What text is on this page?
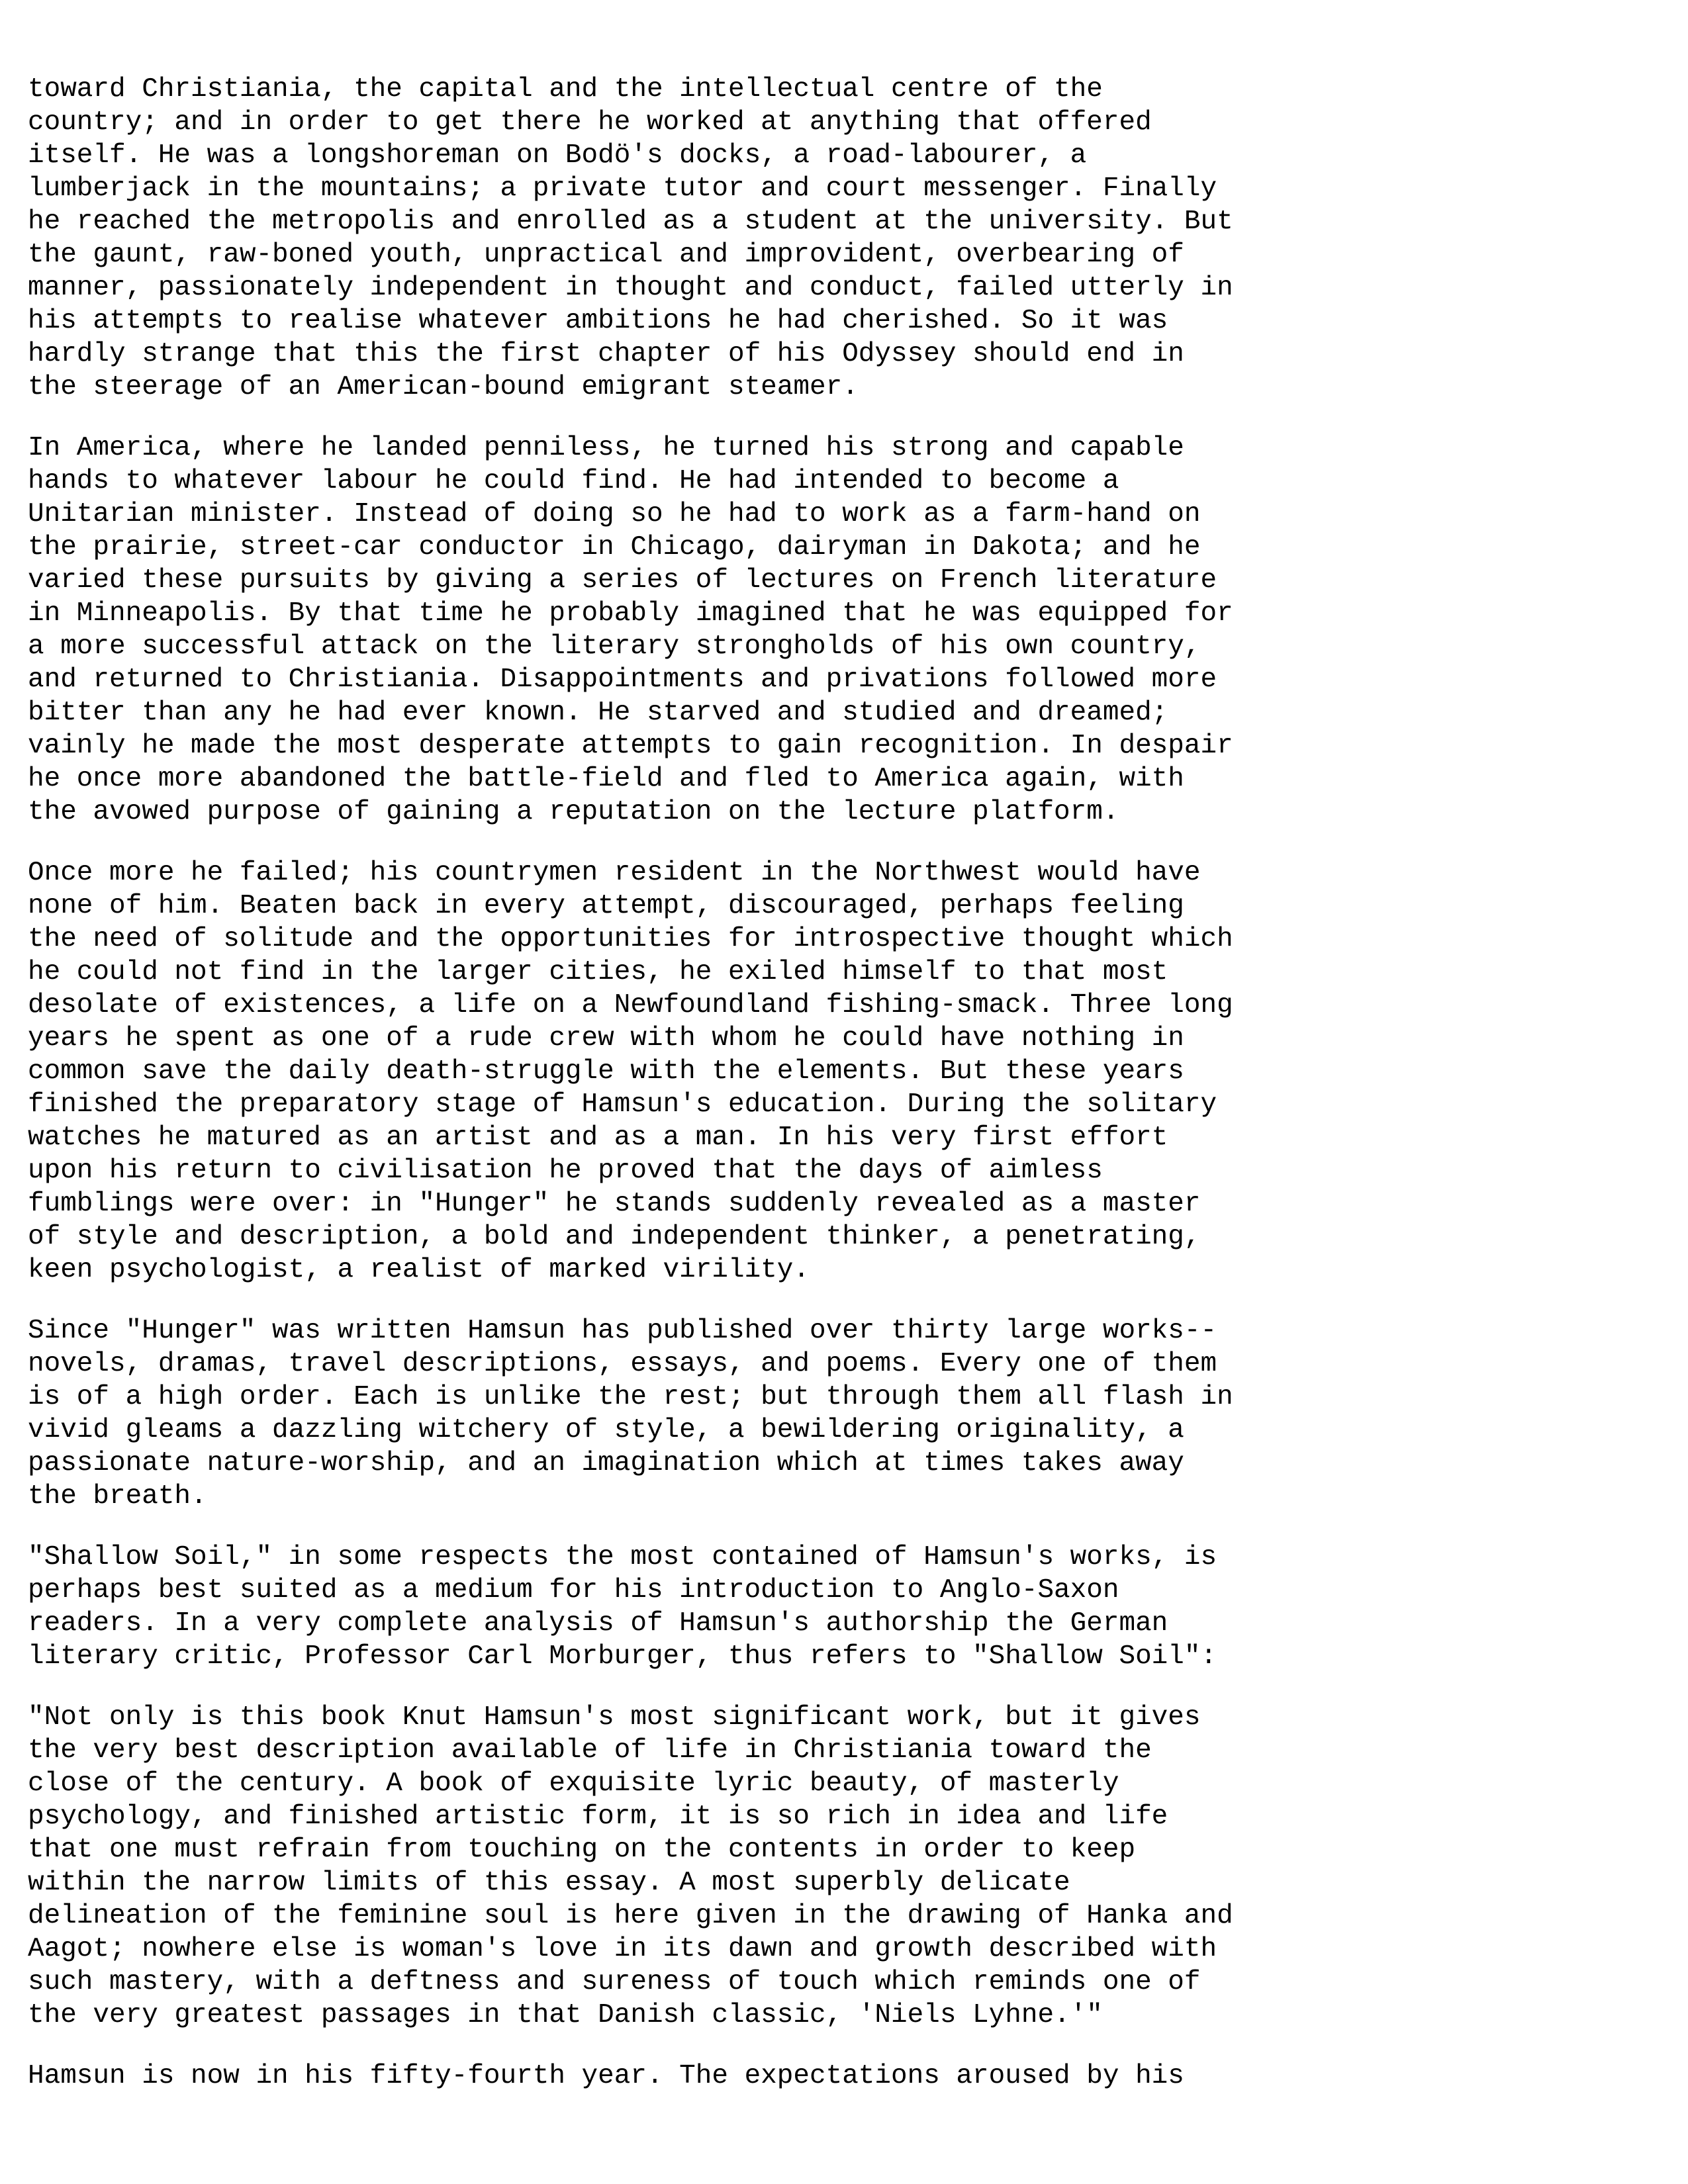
toward Christiania, the capital and the intellectual centre of the
country; and in order to get there he worked at anything that offered
itself. He was a longshoreman on Bodö's docks, a road-labourer, a
lumberjack in the mountains; a private tutor and court messenger. Finally
he reached the metropolis and enrolled as a student at the university. But
the gaunt, raw-boned youth, unpractical and improvident, overbearing of
manner, passionately independent in thought and conduct, failed utterly in
his attempts to realise whatever ambitions he had cherished. So it was
hardly strange that this the first chapter of his Odyssey should end in
the steerage of an American-bound emigrant steamer.
In America, where he landed penniless, he turned his strong and capable
hands to whatever labour he could find. He had intended to become a
Unitarian minister. Instead of doing so he had to work as a farm-hand on
the prairie, street-car conductor in Chicago, dairyman in Dakota; and he
varied these pursuits by giving a series of lectures on French literature
in Minneapolis. By that time he probably imagined that he was equipped for
a more successful attack on the literary strongholds of his own country,
and returned to Christiania. Disappointments and privations followed more
bitter than any he had ever known. He starved and studied and dreamed;
vainly he made the most desperate attempts to gain recognition. In despair
he once more abandoned the battle-field and fled to America again, with
the avowed purpose of gaining a reputation on the lecture platform.
Once more he failed; his countrymen resident in the Northwest would have
none of him. Beaten back in every attempt, discouraged, perhaps feeling
the need of solitude and the opportunities for introspective thought which
he could not find in the larger cities, he exiled himself to that most
desolate of existences, a life on a Newfoundland fishing-smack. Three long
years he spent as one of a rude crew with whom he could have nothing in
common save the daily death-struggle with the elements. But these years
finished the preparatory stage of Hamsun's education. During the solitary
watches he matured as an artist and as a man. In his very first effort
upon his return to civilisation he proved that the days of aimless
fumblings were over: in "Hunger" he stands suddenly revealed as a master
of style and description, a bold and independent thinker, a penetrating,
keen psychologist, a realist of marked virility.
Since "Hunger" was written Hamsun has published over thirty large works--
novels, dramas, travel descriptions, essays, and poems. Every one of them
is of a high order. Each is unlike the rest; but through them all flash in
vivid gleams a dazzling witchery of style, a bewildering originality, a
passionate nature-worship, and an imagination which at times takes away
the breath.
"Shallow Soil," in some respects the most contained of Hamsun's works, is
perhaps best suited as a medium for his introduction to Anglo-Saxon
readers. In a very complete analysis of Hamsun's authorship the German
literary critic, Professor Carl Morburger, thus refers to "Shallow Soil":
"Not only is this book Knut Hamsun's most significant work, but it gives
the very best description available of life in Christiania toward the
close of the century. A book of exquisite lyric beauty, of masterly
psychology, and finished artistic form, it is so rich in idea and life
that one must refrain from touching on the contents in order to keep
within the narrow limits of this essay. A most superbly delicate
delineation of the feminine soul is here given in the drawing of Hanka and
Aagot; nowhere else is woman's love in its dawn and growth described with
such mastery, with a deftness and sureness of touch which reminds one of
the very greatest passages in that Danish classic, 'Niels Lyhne.'"
Hamsun is now in his fifty-fourth year. The expectations aroused by his
